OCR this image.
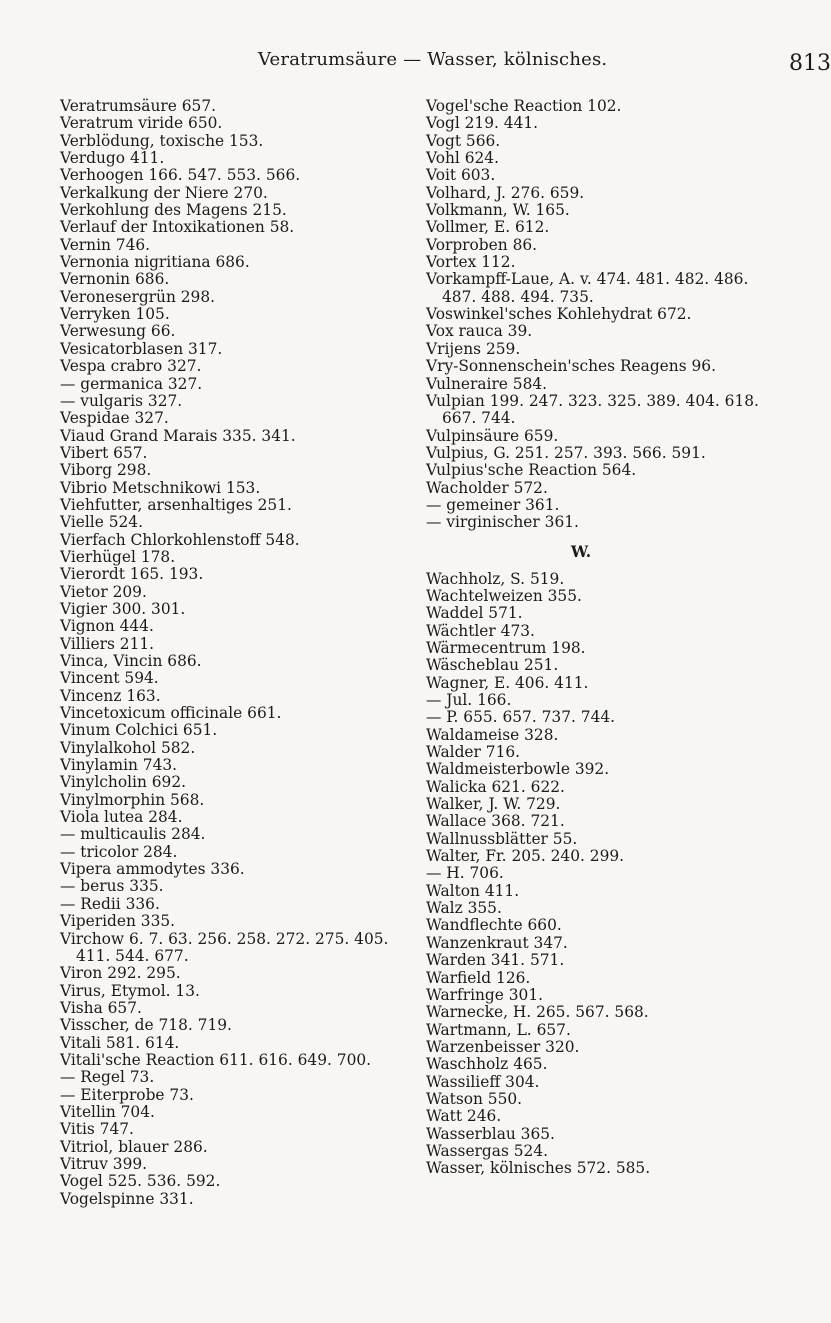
Veratrumsäure — Wasser, kölnisches.	813
Veratrumsäure 657.
Veratrum viride 650.
Verblödung, toxische 153.
Verdugo 411.
Verhoogen 166. 547. 553. 566.
Verkalkung der Niere 270.
Verkohlung des Magens 215.
Verlauf der Intoxikationen 58.
Vernin 746.
Vernonia nigritiana 686.
Vernonin 686.
Veronesergrün 298.
Verryken 105.
Verwesung 66.
Vesicatorblasen 317.
Vespa crabro 327.
— germanica 327.
— vulgaris 327.
Vespidae 327.
Viaud Grand Marais 335. 341.
Vibert 657.
Viborg 298.
Vibrio Metschnikowi 153.
Viehfutter, arsenhaltiges 251.
Vielle 524.
Vierfach Chlorkohlenstoff 548.
Vierhügel 178.
Vierordt 165. 193.
Vietor 209.
Vigier 300. 301.
Vignon 444.
Villiers 211.
Vinca, Vincin 686.
Vincent 594.
Vincenz 163.
Vincetoxicum officinale 661.
Vinum Colchici 651.
Vinylalkohol 582.
Vinylamin 743.
Vinylcholin 692.
Vinylmorphin 568.
Viola lutea 284.
— multicaulis 284.
— tricolor 284.
Vipera ammodytes 336.
— berus 335.
— Redii 336.
Viperiden 335.
Virchow 6. 7. 63. 256. 258. 272. 275. 405. 411. 544. 677.
Viron 292. 295.
Virus, Etymol. 13.
Visha 657.
Visscher, de 718. 719.
Vitali 581. 614.
Vitali'sche Reaction 611. 616. 649. 700.
— Regel 73.
— Eiterprobe 73.
Vitellin 704.
Vitis 747.
Vitriol, blauer 286.
Vitruv 399.
Vogel 525. 536. 592.
Vogelspinne 331.
Vogel'sche Reaction 102.
Vogl 219. 441.
Vogt 566.
Vohl 624.
Voit 603.
Volhard, J. 276. 659.
Volkmann, W. 165.
Vollmer, E. 612.
Vorproben 86.
Vortex 112.
Vorkampff-Laue, A. v. 474. 481. 482. 486. 487. 488. 494. 735.
Voswinkel'sches Kohlehydrat 672.
Vox rauca 39.
Vrijens 259.
Vry-Sonnenschein'sches Reagens 96.
Vulneraire 584.
Vulpian 199. 247. 323. 325. 389. 404. 618. 667. 744.
Vulpinsäure 659.
Vulpius, G. 251. 257. 393. 566. 591.
Vulpius'sche Reaction 564.
Wacholder 572.
— gemeiner 361.
— virginischer 361.
W.
Wachholz, S. 519.
Wachtelweizen 355.
Waddel 571.
Wächtler 473.
Wärmecentrum 198.
Wäscheblau 251.
Wagner, E. 406. 411.
— Jul. 166.
— P. 655. 657. 737. 744.
Waldameise 328.
Walder 716.
Waldmeisterbowle 392.
Walicka 621. 622.
Walker, J. W. 729.
Wallace 368. 721.
Wallnussblätter 55.
Walter, Fr. 205. 240. 299.
— H. 706.
Walton 411.
Walz 355.
Wandflechte 660.
Wanzenkraut 347.
Warden 341. 571.
Warfield 126.
Warfringe 301.
Warnecke, H. 265. 567. 568.
Wartmann, L. 657.
Warzenbeisser 320.
Waschholz 465.
Wassilieff 304.
Watson 550.
Watt 246.
Wasserblau 365.
Wassergas 524.
Wasser, kölnisches 572. 585.
